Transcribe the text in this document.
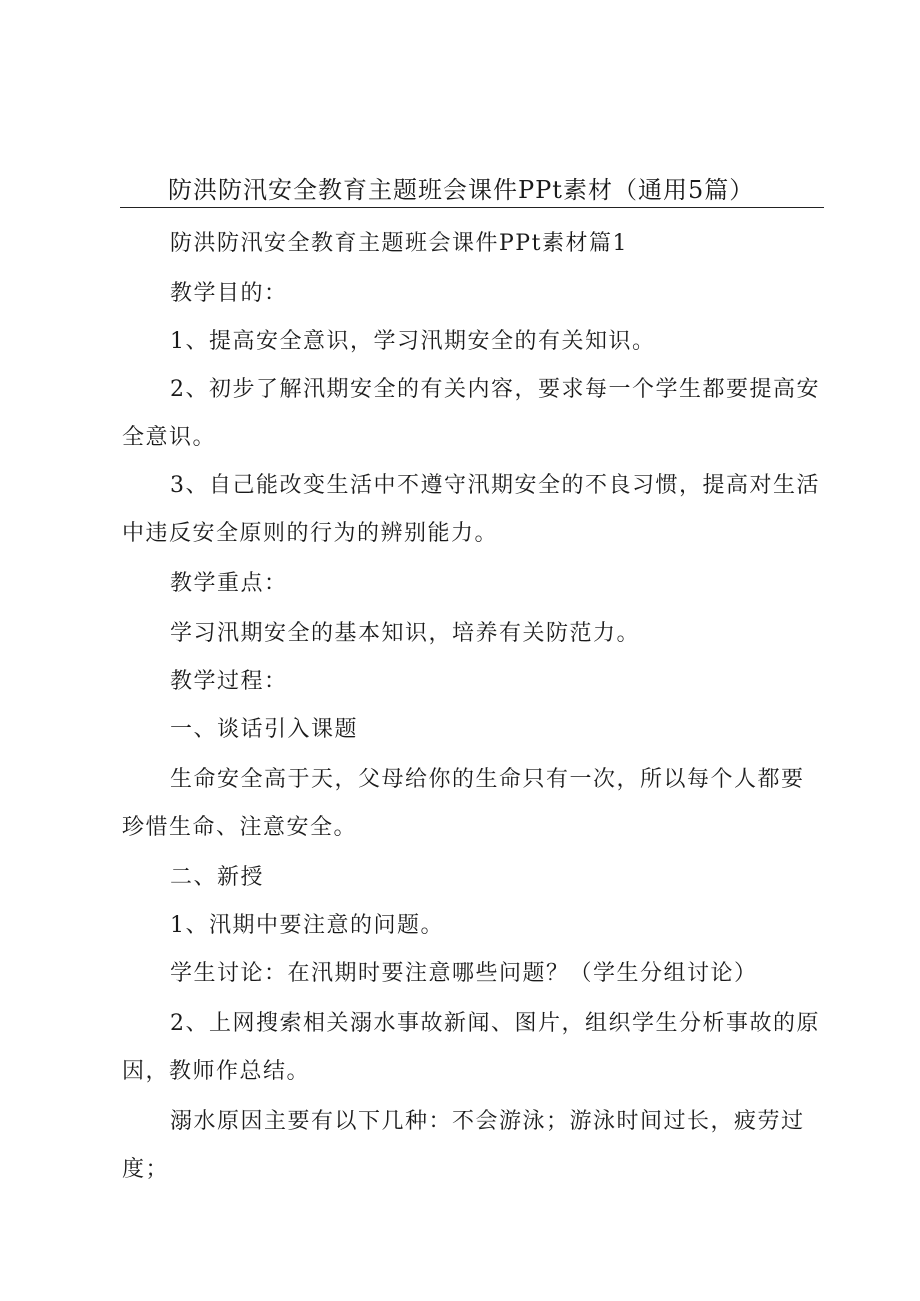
防洪防汛安全教育主题班会课件PPt素材（通用5篇）

防洪防汛安全教育主题班会课件PPt素材篇1

教学目的：

1、提高安全意识，学习汛期安全的有关知识。

2、初步了解汛期安全的有关内容，要求每一个学生都要提高安全意识。

3、自己能改变生活中不遵守汛期安全的不良习惯，提高对生活中违反安全原则的行为的辨别能力。

教学重点：

学习汛期安全的基本知识，培养有关防范力。

教学过程：

一、谈话引入课题

生命安全高于天，父母给你的生命只有一次，所以每个人都要珍惜生命、注意安全。

二、新授

1、汛期中要注意的问题。

学生讨论：在汛期时要注意哪些问题？（学生分组讨论）

2、上网搜索相关溺水事故新闻、图片，组织学生分析事故的原因，教师作总结。

溺水原因主要有以下几种：不会游泳；游泳时间过长，疲劳过度；
